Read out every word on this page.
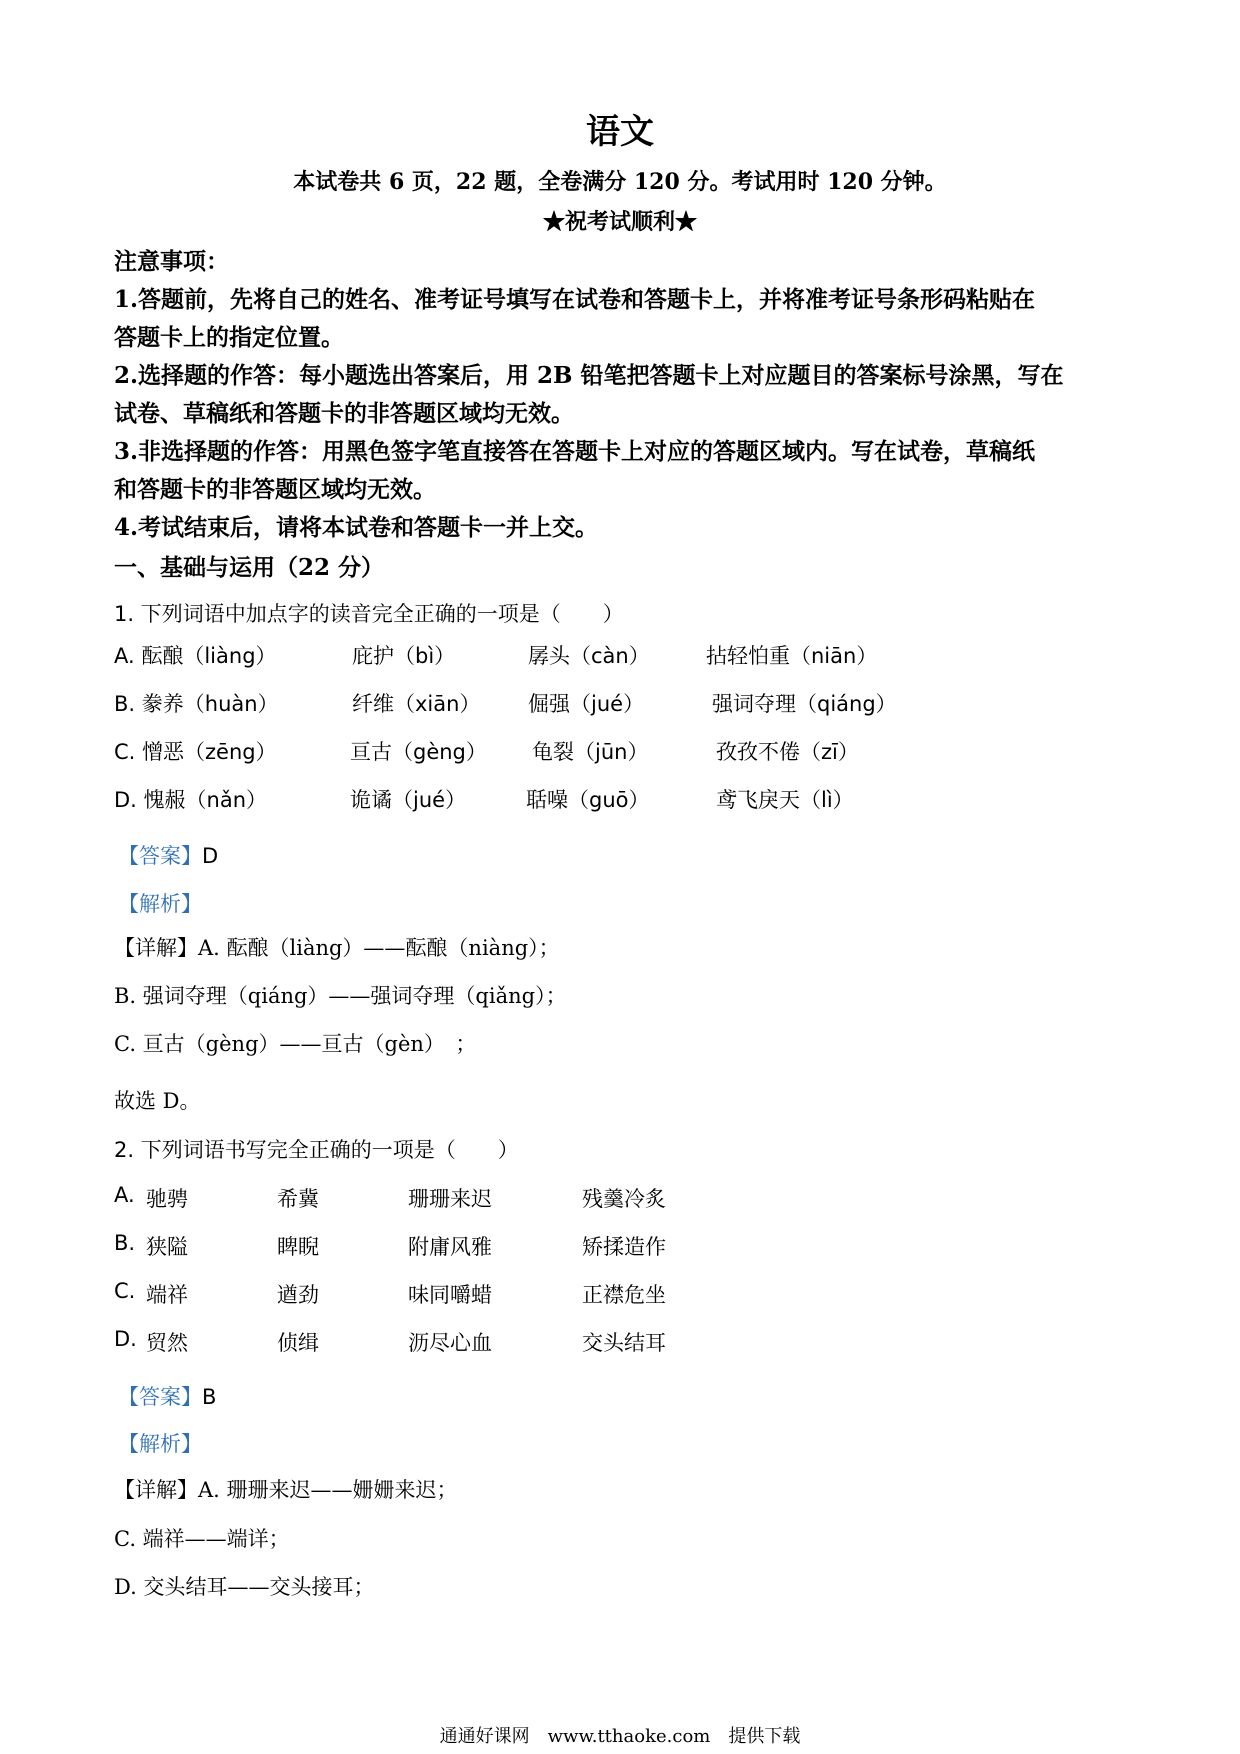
语文
本试卷共 6 页，22 题，全卷满分 120 分。考试用时 120 分钟。
★祝考试顺利★
注意事项：
1.答题前，先将自己的姓名、准考证号填写在试卷和答题卡上，并将准考证号条形码粘贴在
答题卡上的指定位置。
2.选择题的作答：每小题选出答案后，用 2B 铅笔把答题卡上对应题目的答案标号涂黑，写在
试卷、草稿纸和答题卡的非答题区域均无效。
3.非选择题的作答：用黑色签字笔直接答在答题卡上对应的答题区域内。写在试卷，草稿纸
和答题卡的非答题区域均无效。
4.考试结束后，请将本试卷和答题卡一并上交。
一、基础与运用（22 分）
1. 下列词语中加点字的读音完全正确的一项是（　　）
A. 酝酿（liàng）	庇护（bì）	孱头（càn）	拈轻怕重（niān）
B. 豢养（huàn）	纤维（xiān） 倔强（jué）	强词夺理（qiáng）
C. 憎恶（zēng）	亘古（gèng） 龟裂（jūn）	孜孜不倦（zī）
D. 愧赧（nǎn）	诡谲（jué）	聒噪（guō）	鸢飞戾天（lì）
【答案】D
【解析】
【详解】A. 酝酿（liàng）——酝酿（niàng）；
B. 强词夺理（qiáng）——强词夺理（qiǎng）；
C. 亘古（gèng）——亘古（gèn）　；
故选 D。
2. 下列词语书写完全正确的一项是（　　）
A. 驰骋	希冀	珊珊来迟	残羹冷炙
B. 狭隘	睥睨	附庸风雅	矫揉造作
C. 端祥	遒劲	味同嚼蜡	正襟危坐
D. 贸然	侦缉	沥尽心血	交头结耳
【答案】B
【解析】
【详解】A. 珊珊来迟——姗姗来迟；
C. 端祥——端详；
D. 交头结耳——交头接耳；
通通好课网　www.tthaoke.com　提供下载
